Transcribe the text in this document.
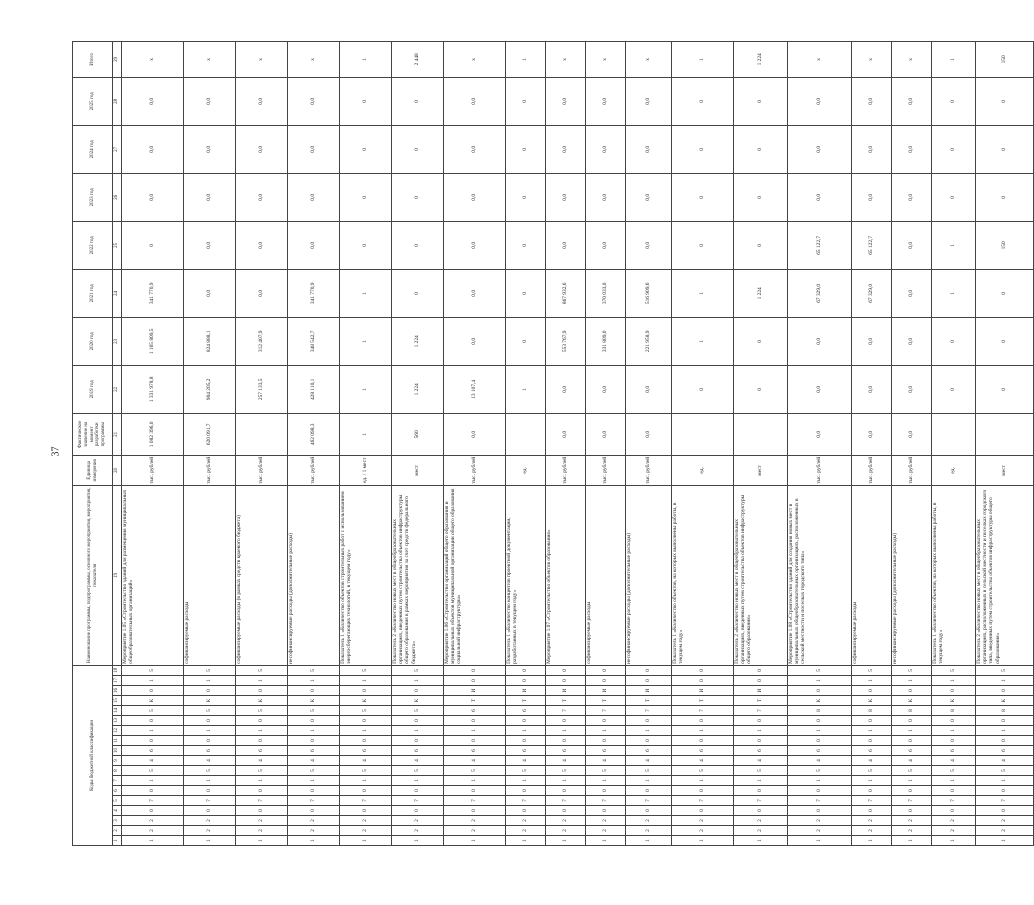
37
Коды бюджетной классификации																		Наименование программы, подпрограммы, основного мероприятия, мероприятия, показателя	Единица измерения	Фактическое значение на момент разработки программы	2019 год	2020 год	2021 год	2022 год	2023 год	2024 год	2025 год	Итого	
1	2	3	4	5	6	7	8	9	10	11	12	13	14	15	16	17	18	19	20	21	22	23	24	25	26	27	28	29								
1	2	2	0	7	0	1	5	4	6	0	1	0	5	К	0	1	5	Мероприятие 1.05 «Строительство зданий для размещения муниципальных общеобразовательных организаций»	тыс. рублей	1 082 396,0	1 331 978,8	1 165 809,5	341 770,9	0	0,0	0,0	0,0	x	
1	2	2	0	7	0	1	5	4	6	0	1	0	5	К	0	1	5	софинансируемые расходы	тыс. рублей	620 091,7	904 205,2	824 888,1	0,0	0,0	0,0	0,0	0,0	x	
1	2	2	0	7	0	1	5	4	6	0	1	0	5	К	0	1	5	софинансируемые расходы (в рамках средств краевого бюджета)	тыс. рублей		257 133,5	312 407,9	0,0	0,0	0,0	0,0	0,0	x	
1	2	2	0	7	0	1	5	4	6	0	1	0	5	К	0	1	5	несофинансируемые расходы (дополнительные расходы)	тыс. рублей	462 098,3	428 110,1	348 542,7	341 770,9	0,0	0,0	0,0	0,0	x	
1	2	2	0	7	0	1	5	4	6	0	1	0	5	К	0	1	5	Показатель 1 «Количество объектов строительных работ с использованием энергосберегающих технологий, в текущем году»	ед. / 1 мест	1	1	1	1	0	0	0	0	1	
1	2	2	0	7	0	1	5	4	6	0	1	0	5	К	0	1	5	Показатель 2 «Количество новых мест в общеобразовательных организациях, введенных путем строительства объектов инфраструктуры общего образования в рамках мероприятия за счет средств федерального бюджета»	мест	560	1 224	1 224	0	0	0	0	0	2 448	
1	2	2	0	7	0	1	5	4	6	0	1	0	6	Т	И	0	0	Мероприятие 1.06 «Строительство организаций общего образования и муниципальных объектов муниципальной организации общего образования социальной инфраструктуры»	тыс. рублей	0,0	13 107,4	0,0	0,0	0,0	0,0	0,0	0,0	x	
1	2	2	0	7	0	1	5	4	6	0	1	0	6	Т	И	0	0	Показатель 1 «Количество концептов проектной документации, разработанных в текущем году»	ед.		1	0	0	0	0	0	0	1	
1	2	2	0	7	0	1	5	4	6	0	1	0	7	Т	И	0	0	Мероприятие 1.07 «Строительство объектов образования»	тыс. рублей	0,0	0,0	553 767,9	867 932,6	0,0	0,0	0,0	0,0	x	
1	2	2	0	7	0	1	5	4	6	0	1	0	7	Т	И	0	0	софинансируемые расходы	тыс. рублей	0,0	0,0	331 809,0	370 033,0	0,0	0,0	0,0	0,0	x	
1	2	2	0	7	0	1	5	4	6	0	1	0	7	Т	И	0	0	несофинансируемые расходы (дополнительные расходы)	тыс. рублей	0,0	0,0	221 958,9	516 909,6	0,0	0,0	0,0	0,0	x	
1	2	2	0	7	0	1	5	4	6	0	1	0	7	Т	И	0	0	Показатель 1 «Количество объектов, на которых выполнены работы, в текущем году»	ед.		0	1	1	0	0	0	0	1	
1	2	2	0	7	0	1	5	4	6	0	1	0	7	Т	И	0	0	Показатель 2 «Количество новых мест в общеобразовательных организациях, введенных путем строительства объектов инфраструктуры общего образования»	мест		0	0	1 224	0	0	0	0	1 224	
1	2	2	0	7	0	1	5	4	6	0	1	0	8	К	0	1	5	Мероприятие 1.08 «Строительство зданий для создания новых мест в муниципальных общеобразовательных организациях, расположенных в сельской местности и поселках городского типа»	тыс. рублей	0,0	0,0	0,0	67 329,0	65 122,7	0,0	0,0	0,0	x	
1	2	2	0	7	0	1	5	4	6	0	1	0	8	К	0	1	5	софинансируемые расходы	тыс. рублей	0,0	0,0	0,0	67 329,0	65 122,7	0,0	0,0	0,0	x	
1	2	2	0	7	0	1	5	4	6	0	1	0	8	К	0	1	5	несофинансируемые расходы (дополнительные расходы)	тыс. рублей	0,0	0,0	0,0	0,0	0,0	0,0	0,0	0,0	x	
1	2	2	0	7	0	1	5	4	6	0	1	0	8	К	0	1	5	Показатель 1 «Количество объектов, на которых выполнены работы, в текущем году»	ед.		0	0	1	1	0	0	0	1	
1	2	2	0	7	0	1	5	4	6	0	1	0	8	К	0	1	5	Показатель 2 «Количество новых мест в общеобразовательных организациях, расположенных в сельской местности и поселках городского типа, введенных путем строительства объектов инфраструктуры общего образования»	мест		0	0	0	150	0	0	0	150	
